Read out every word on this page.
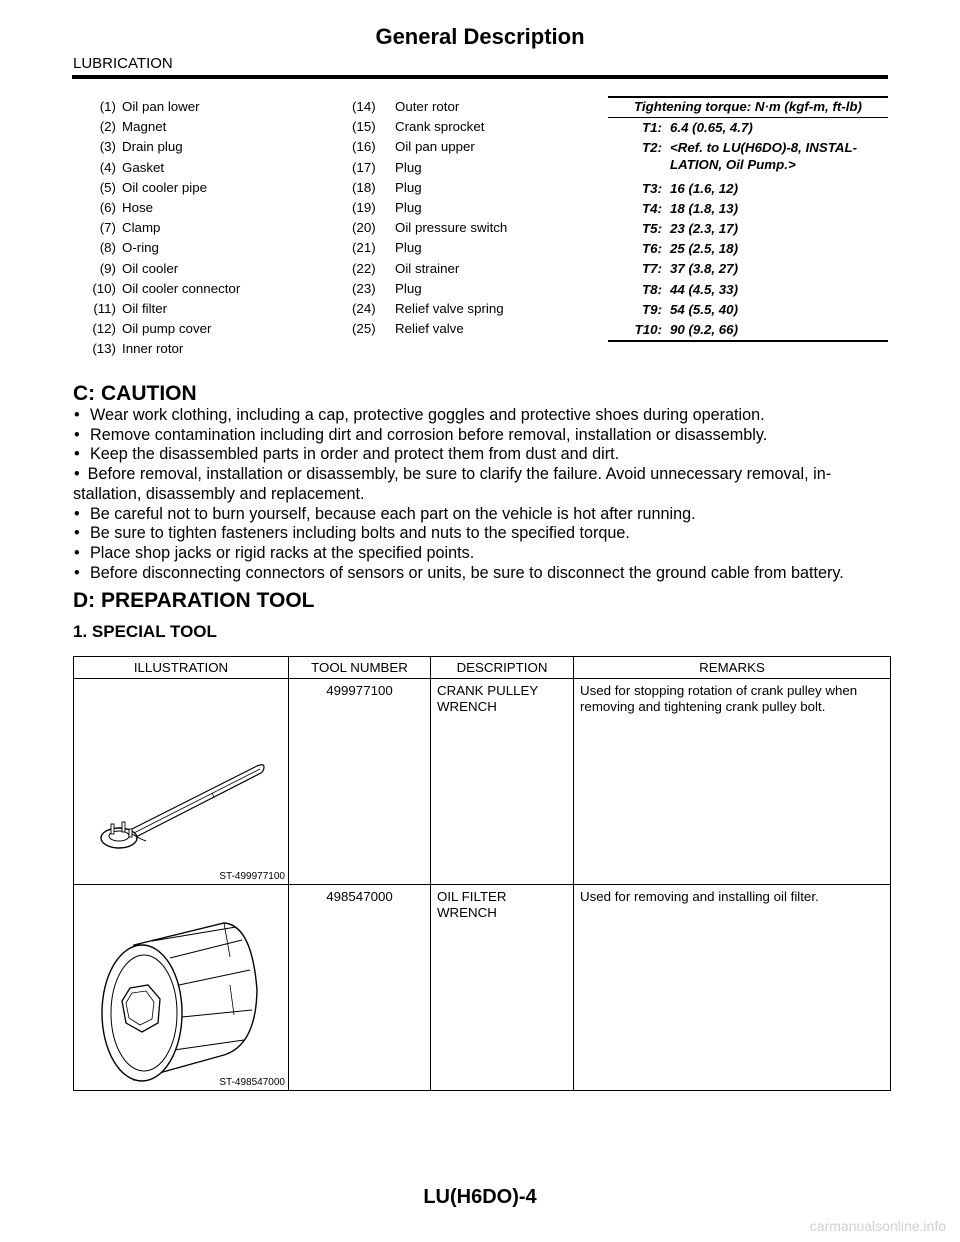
General Description
LUBRICATION
(1) Oil pan lower	(14) Outer rotor
(2) Magnet	(15) Crank sprocket
(3) Drain plug	(16) Oil pan upper
(4) Gasket	(17) Plug
(5) Oil cooler pipe	(18) Plug
(6) Hose	(19) Plug
(7) Clamp	(20) Oil pressure switch
(8) O-ring	(21) Plug
(9) Oil cooler	(22) Oil strainer
(10) Oil cooler connector	(23) Plug
(11) Oil filter	(24) Relief valve spring
(12) Oil pump cover	(25) Relief valve
(13) Inner rotor
Tightening torque: N·m (kgf-m, ft-lb)
T1: 6.4 (0.65, 4.7)
T2: <Ref. to LU(H6DO)-8, INSTAL-
LATION, Oil Pump.>
T3: 16 (1.6, 12)
T4: 18 (1.8, 13)
T5: 23 (2.3, 17)
T6: 25 (2.5, 18)
T7: 37 (3.8, 27)
T8: 44 (4.5, 33)
T9: 54 (5.5, 40)
T10: 90 (9.2, 66)
C: CAUTION
• Wear work clothing, including a cap, protective goggles and protective shoes during operation.
• Remove contamination including dirt and corrosion before removal, installation or disassembly.
• Keep the disassembled parts in order and protect them from dust and dirt.
• Before removal, installation or disassembly, be sure to clarify the failure. Avoid unnecessary removal, in-stallation, disassembly and replacement.
• Be careful not to burn yourself, because each part on the vehicle is hot after running.
• Be sure to tighten fasteners including bolts and nuts to the specified torque.
• Place shop jacks or rigid racks at the specified points.
• Before disconnecting connectors of sensors or units, be sure to disconnect the ground cable from battery.
D: PREPARATION TOOL
1. SPECIAL TOOL
ILLUSTRATION	TOOL NUMBER	DESCRIPTION	REMARKS

ST-499977100	499977100	CRANK PULLEY
WRENCH	Used for stopping rotation of crank pulley when removing and tightening crank pulley bolt.

ST-498547000	498547000	OIL FILTER
WRENCH	Used for removing and installing oil filter.
LU(H6DO)-4
carmanualsonline.info
